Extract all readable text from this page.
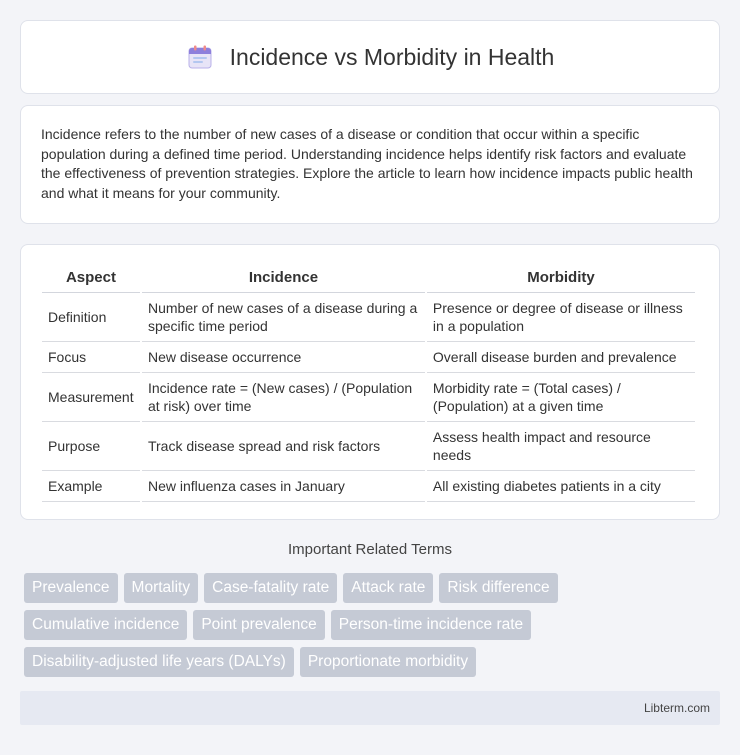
Incidence vs Morbidity in Health

Incidence refers to the number of new cases of a disease or condition that occur within a specific population during a defined time period. Understanding incidence helps identify risk factors and evaluate the effectiveness of prevention strategies. Explore the article to learn how incidence impacts public health and what it means for your community.

Aspect	Incidence	Morbidity
Definition	Number of new cases of a disease during a specific time period	Presence or degree of disease or illness in a population
Focus	New disease occurrence	Overall disease burden and prevalence
Measurement	Incidence rate = (New cases) / (Population at risk) over time	Morbidity rate = (Total cases) / (Population) at a given time
Purpose	Track disease spread and risk factors	Assess health impact and resource needs
Example	New influenza cases in January	All existing diabetes patients in a city
Important Related Terms
Prevalence	Mortality	Case-fatality rate	Attack rate	Risk difference
Cumulative incidence	Point prevalence	Person-time incidence rate
Disability-adjusted life years (DALYs)	Proportionate morbidity
Libterm.com
